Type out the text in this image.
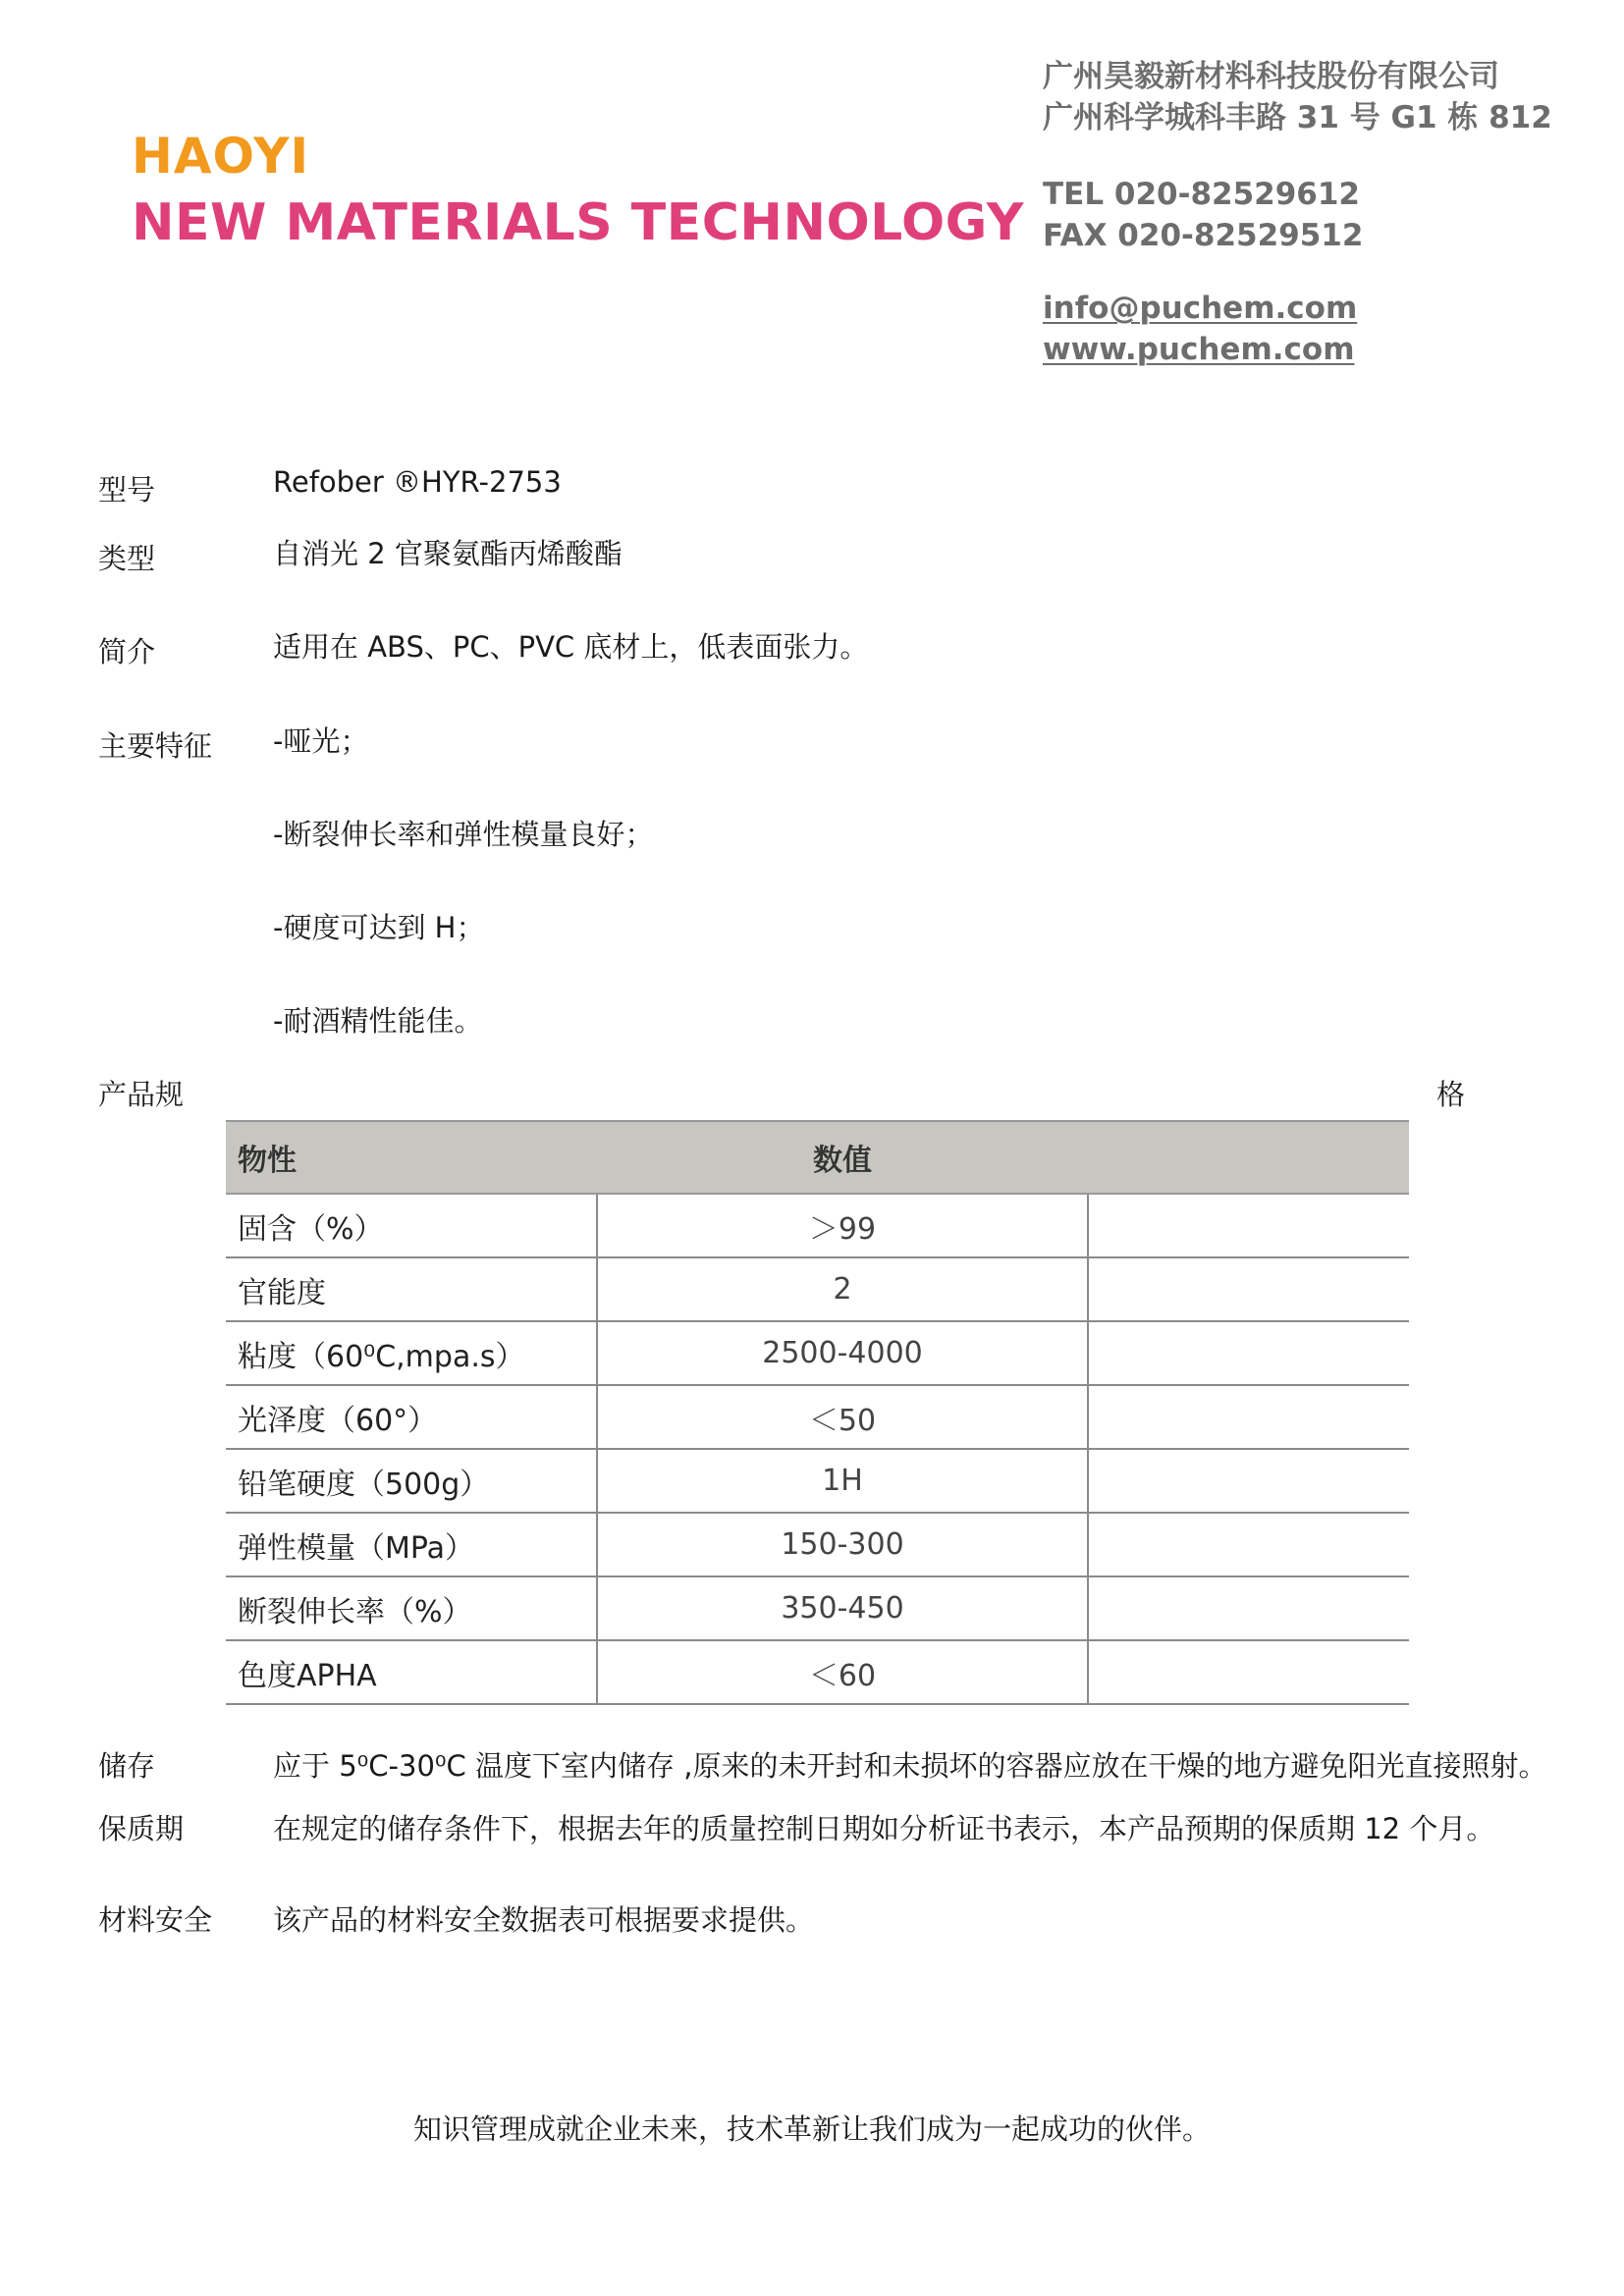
HAOYI
NEW MATERIALS TECHNOLOGY
广州昊毅新材料科技股份有限公司
广州科学城科丰路 31 号 G1 栋 812
TEL 020-82529612
FAX 020-82529512
info@puchem.com
www.puchem.com
型号	Refober ®HYR-2753
类型	自消光 2 官聚氨酯丙烯酸酯
简介	适用在 ABS、PC、PVC 底材上，低表面张力。
主要特征 -哑光；
-断裂伸长率和弹性模量良好；
-硬度可达到 H；
-耐酒精性能佳。
产品规	格
物性	数值	
固含（%）	＞99	
官能度	2	
粘度（60⁰C,mpa.s）	2500-4000	
光泽度（60°）	＜50	
铅笔硬度（500g）	1H	
弹性模量（MPa）	150-300	
断裂伸长率（%）	350-450	
色度APHA	＜60	
储存	应于 5⁰C-30⁰C 温度下室内储存 ,原来的未开封和未损坏的容器应放在干燥的地方避免阳光直接照射。
保质期	在规定的储存条件下，根据去年的质量控制日期如分析证书表示，本产品预期的保质期 12 个月。
材料安全 该产品的材料安全数据表可根据要求提供。
知识管理成就企业未来，技术革新让我们成为一起成功的伙伴。
